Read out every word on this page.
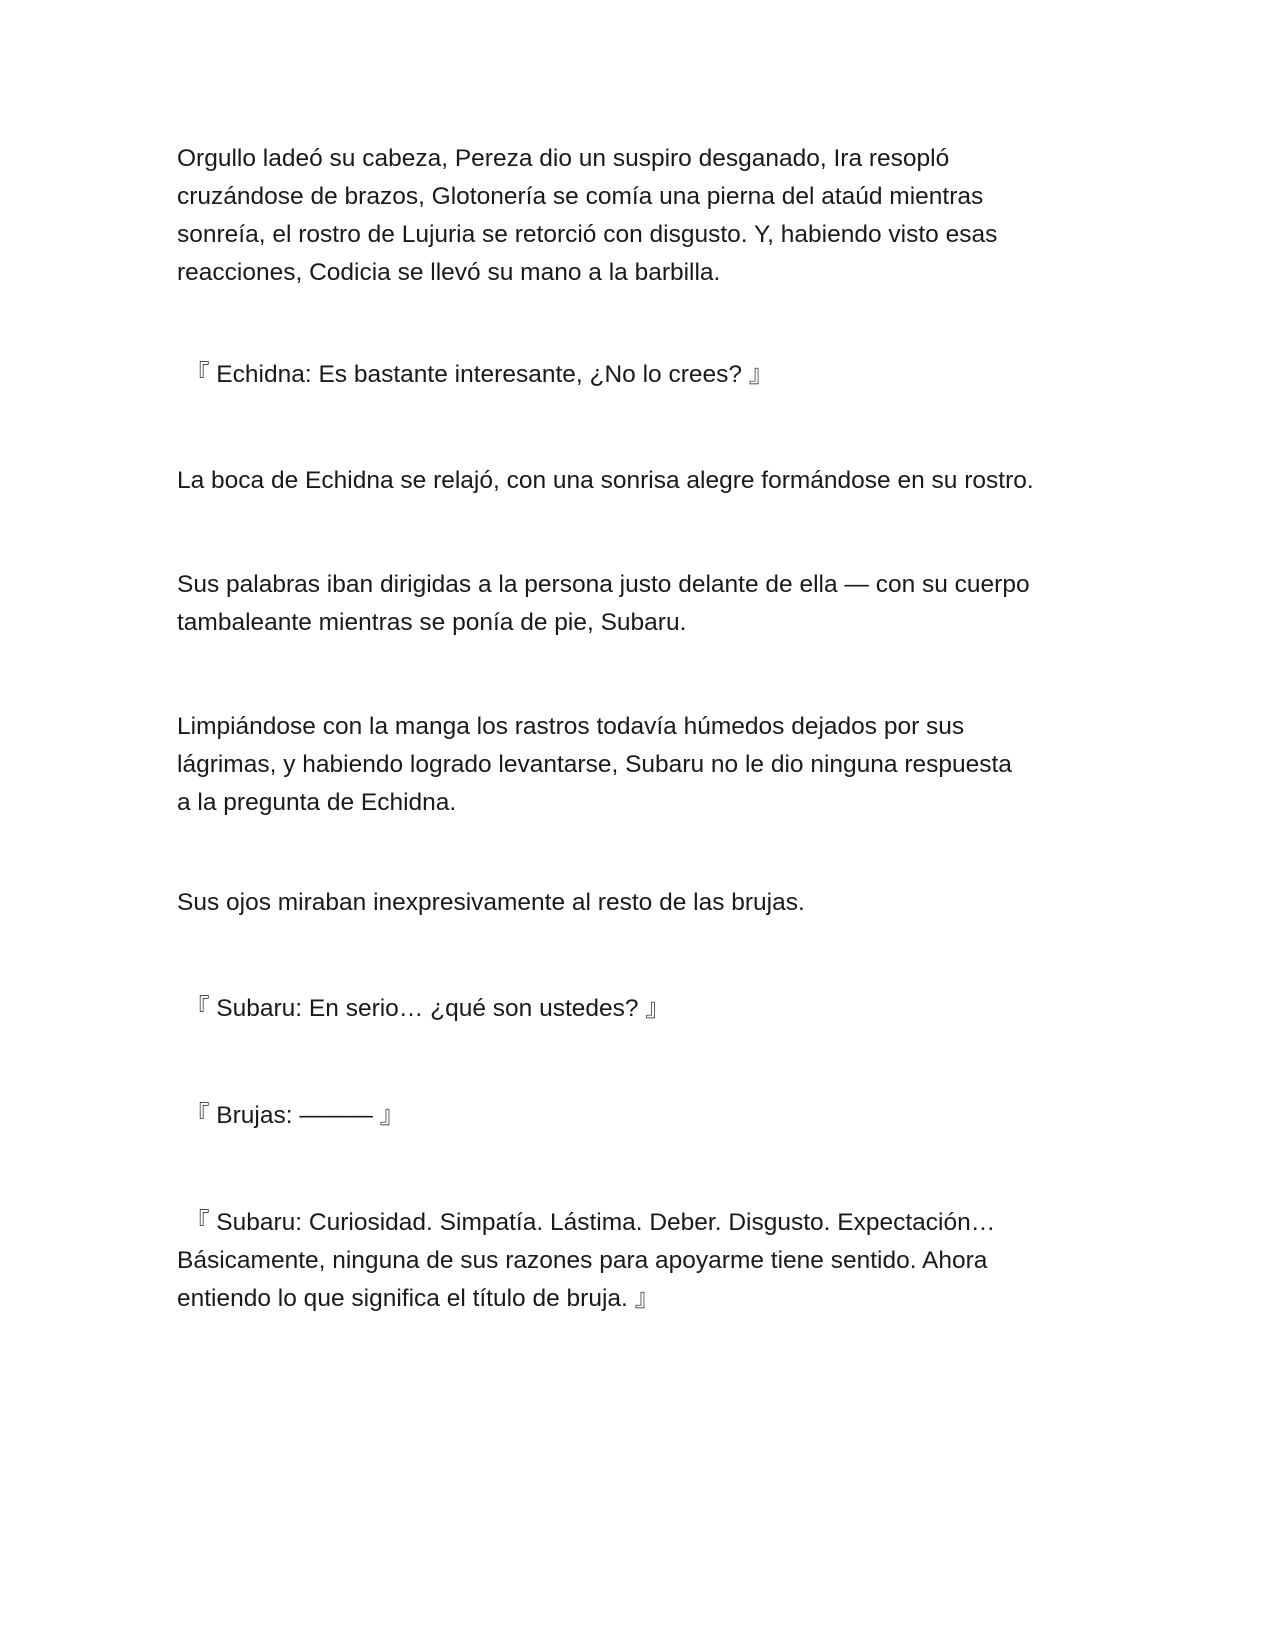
Orgullo ladeó su cabeza, Pereza dio un suspiro desganado, Ira resopló
cruzándose de brazos, Glotonería se comía una pierna del ataúd mientras
sonreía, el rostro de Lujuria se retorció con disgusto. Y, habiendo visto esas
reacciones, Codicia se llevó su mano a la barbilla.

『 Echidna: Es bastante interesante, ¿No lo crees? 』

La boca de Echidna se relajó, con una sonrisa alegre formándose en su rostro.

Sus palabras iban dirigidas a la persona justo delante de ella — con su cuerpo
tambaleante mientras se ponía de pie, Subaru.

Limpiándose con la manga los rastros todavía húmedos dejados por sus
lágrimas, y habiendo logrado levantarse, Subaru no le dio ninguna respuesta
a la pregunta de Echidna.

Sus ojos miraban inexpresivamente al resto de las brujas.

『 Subaru: En serio… ¿qué son ustedes? 』

『 Brujas: ——— 』

『 Subaru: Curiosidad. Simpatía. Lástima. Deber. Disgusto. Expectación…
Básicamente, ninguna de sus razones para apoyarme tiene sentido. Ahora
entiendo lo que significa el título de bruja. 』
